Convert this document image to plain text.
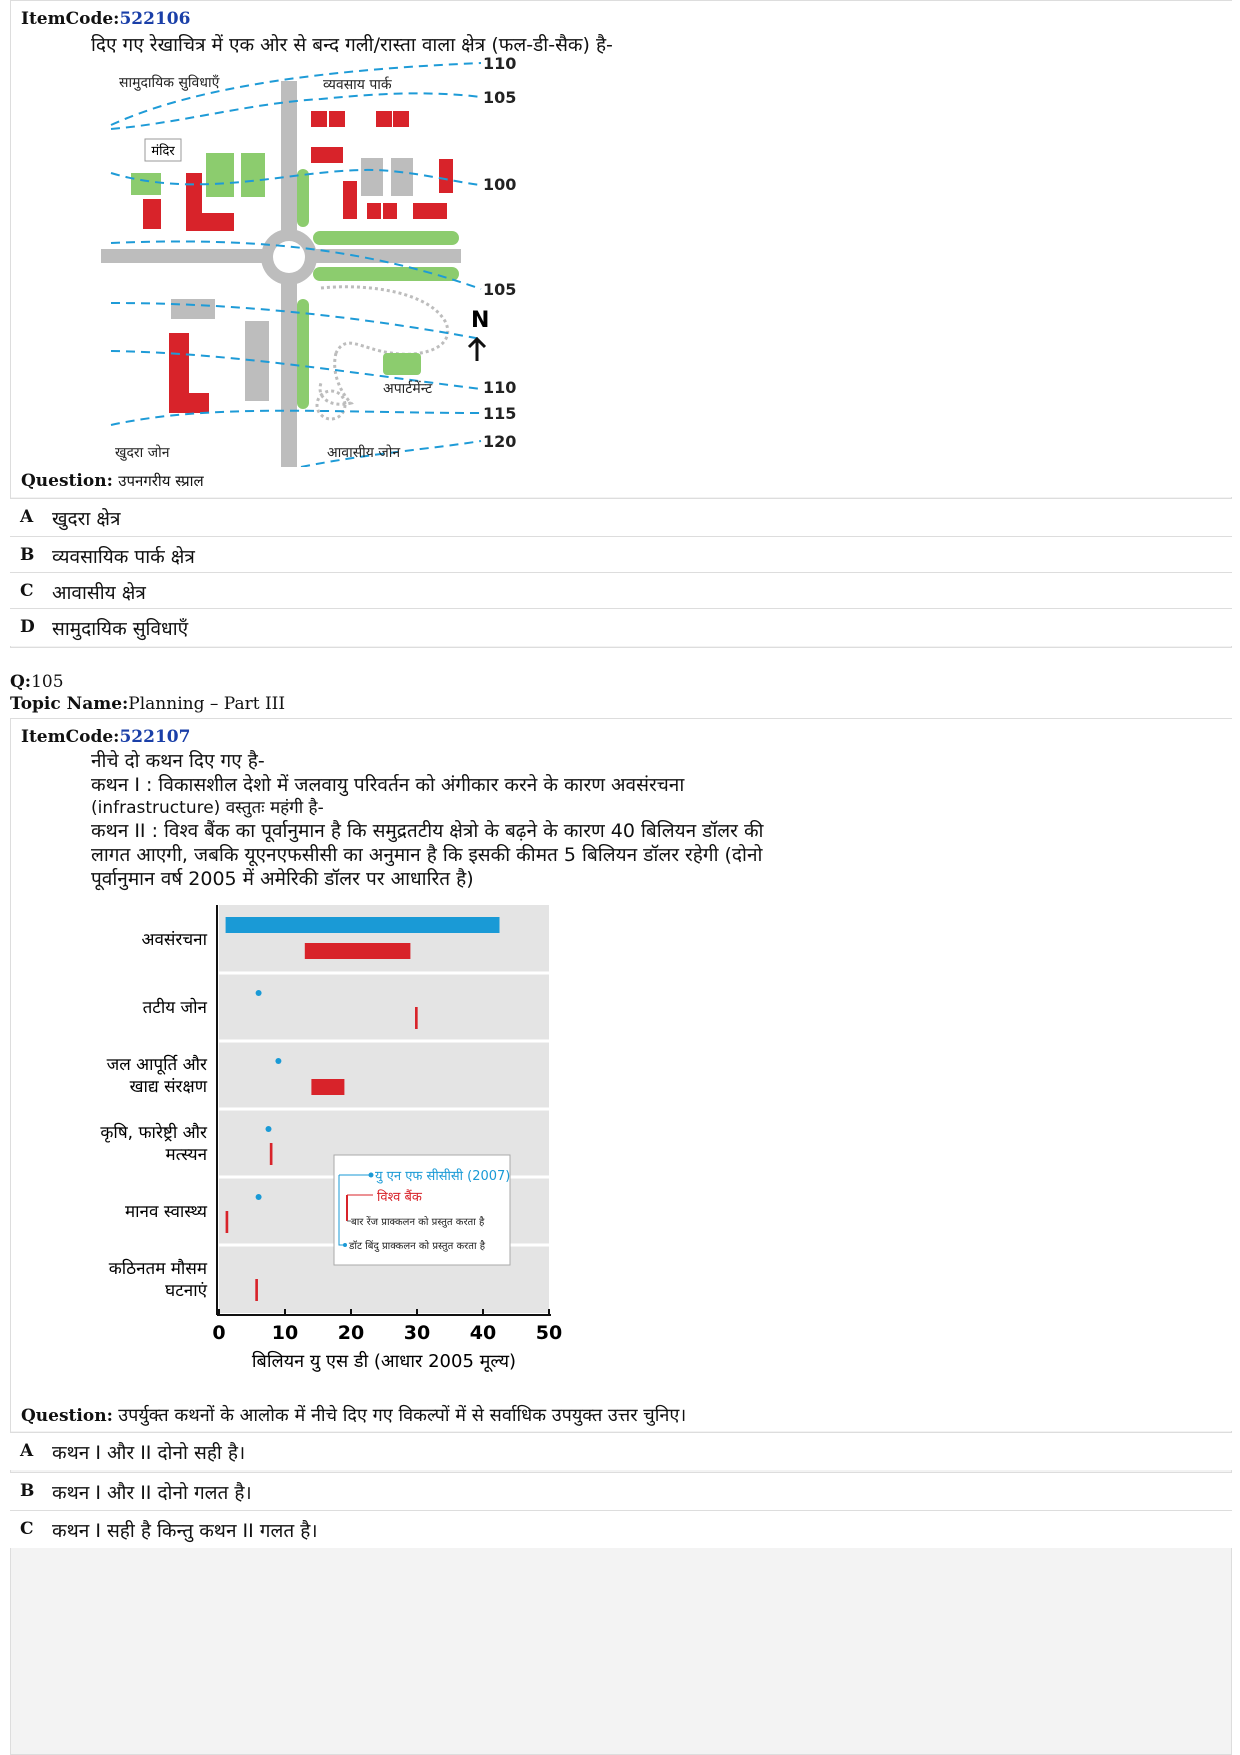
ItemCode:522106
दिए गए रेखाचित्र में एक ओर से बन्द गली/रास्ता वाला क्षेत्र (फल-डी-सैक) है-
मंदिर
110
105
100
105
110
115
120
सामुदायिक सुविधाएँ	व्यवसाय पार्क
अपार्टमेंन्ट
खुदरा जोन	आवासीय जोन
N
Question: उपनगरीय स्प्राल
A खुदरा क्षेत्र
B व्यवसायिक पार्क क्षेत्र
C आवासीय क्षेत्र
D सामुदायिक सुविधाएँ
Q:105
Topic Name:Planning – Part III
ItemCode:522107
नीचे दो कथन दिए गए है-
कथन I : विकासशील देशो में जलवायु परिवर्तन को अंगीकार करने के कारण अवसंरचना
(infrastructure) वस्तुतः महंगी है-
कथन II : विश्व बैंक का पूर्वानुमान है कि समुद्रतटीय क्षेत्रो के बढ़ने के कारण 40 बिलियन डॉलर की
लागत आएगी, जबकि यूएनएफसीसी का अनुमान है कि इसकी कीमत 5 बिलियन डॉलर रहेगी (दोनो
पूर्वानुमान वर्ष 2005 में अमेरिकी डॉलर पर आधारित है)
अवसंरचना
तटीय जोन
जल आपूर्ति और
खाद्य संरक्षण
कृषि, फारेष्ट्री और
मत्स्यन
मानव स्वास्थ्य
कठिनतम मौसम
घटनाएं
0 10 20 30 40 50
बिलियन यु एस डी (आधार 2005 मूल्य)
यु एन एफ सीसीसी (2007)
विश्व बैंक
बार रेंज प्राक्कलन को प्रस्तुत करता है
डॉट बिंदु प्राक्कलन को प्रस्तुत करता है
Question: उपर्युक्त कथनों के आलोक में नीचे दिए गए विकल्पों में से सर्वाधिक उपयुक्त उत्तर चुनिए।
A कथन I और II दोनो सही है।
B कथन I और II दोनो गलत है।
C कथन I सही है किन्तु कथन II गलत है।
